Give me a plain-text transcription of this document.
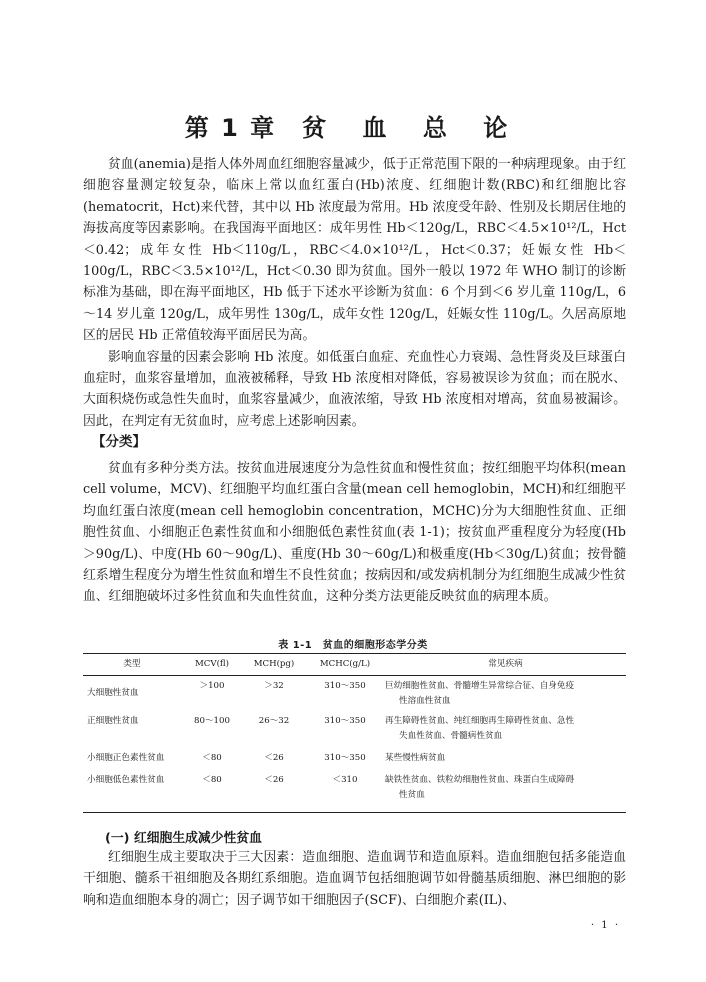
第 1 章 贫 血 总 论

贫血(anemia)是指人体外周血红细胞容量减少，低于正常范围下限的一种病理现象。由于红细胞容量测定较复杂，临床上常以血红蛋白(Hb)浓度、红细胞计数(RBC)和红细胞比容(hematocrit，Hct)来代替，其中以 Hb 浓度最为常用。Hb 浓度受年龄、性别及长期居住地的海拔高度等因素影响。在我国海平面地区：成年男性 Hb＜120g/L，RBC＜4.5×10¹²/L，Hct＜0.42；成年女性 Hb＜110g/L，RBC＜4.0×10¹²/L，Hct＜0.37；妊娠女性 Hb＜100g/L，RBC＜3.5×10¹²/L，Hct＜0.30 即为贫血。国外一般以 1972 年 WHO 制订的诊断标准为基础，即在海平面地区，Hb 低于下述水平诊断为贫血：6 个月到＜6 岁儿童 110g/L，6～14 岁儿童 120g/L，成年男性 130g/L，成年女性 120g/L，妊娠女性 110g/L。久居高原地区的居民 Hb 正常值较海平面居民为高。

影响血容量的因素会影响 Hb 浓度。如低蛋白血症、充血性心力衰竭、急性肾炎及巨球蛋白血症时，血浆容量增加，血液被稀释，导致 Hb 浓度相对降低，容易被误诊为贫血；而在脱水、大面积烧伤或急性失血时，血浆容量减少，血液浓缩，导致 Hb 浓度相对增高，贫血易被漏诊。因此，在判定有无贫血时，应考虑上述影响因素。

【分类】

贫血有多种分类方法。按贫血进展速度分为急性贫血和慢性贫血；按红细胞平均体积(mean cell volume，MCV)、红细胞平均血红蛋白含量(mean cell hemoglobin，MCH)和红细胞平均血红蛋白浓度(mean cell hemoglobin concentration，MCHC)分为大细胞性贫血、正细胞性贫血、小细胞正色素性贫血和小细胞低色素性贫血(表 1-1)；按贫血严重程度分为轻度(Hb＞90g/L)、中度(Hb 60～90g/L)、重度(Hb 30～60g/L)和极重度(Hb＜30g/L)贫血；按骨髓红系增生程度分为增生性贫血和增生不良性贫血；按病因和/或发病机制分为红细胞生成减少性贫血、红细胞破坏过多性贫血和失血性贫血，这种分类方法更能反映贫血的病理本质。

表 1-1　贫血的细胞形态学分类
类型	MCV(fl)	MCH(pg)	MCHC(g/L)	常见疾病
大细胞性贫血	＞100	＞32	310～350	巨幼细胞性贫血、骨髓增生异常综合征、自身免疫
性溶血性贫血

正细胞性贫血	80～100	26～32	310～350	再生障碍性贫血、纯红细胞再生障碍性贫血、急性
失血性贫血、骨髓病性贫血

小细胞正色素性贫血	＜80	＜26	310～350	某些慢性病贫血

小细胞低色素性贫血	＜80	＜26	＜310	缺铁性贫血、铁粒幼细胞性贫血、珠蛋白生成障碍
性贫血
(一) 红细胞生成减少性贫血

红细胞生成主要取决于三大因素：造血细胞、造血调节和造血原料。造血细胞包括多能造血干细胞、髓系干祖细胞及各期红系细胞。造血调节包括细胞调节如骨髓基质细胞、淋巴细胞的影响和造血细胞本身的凋亡；因子调节如干细胞因子(SCF)、白细胞介素(IL)、

· 1 ·
